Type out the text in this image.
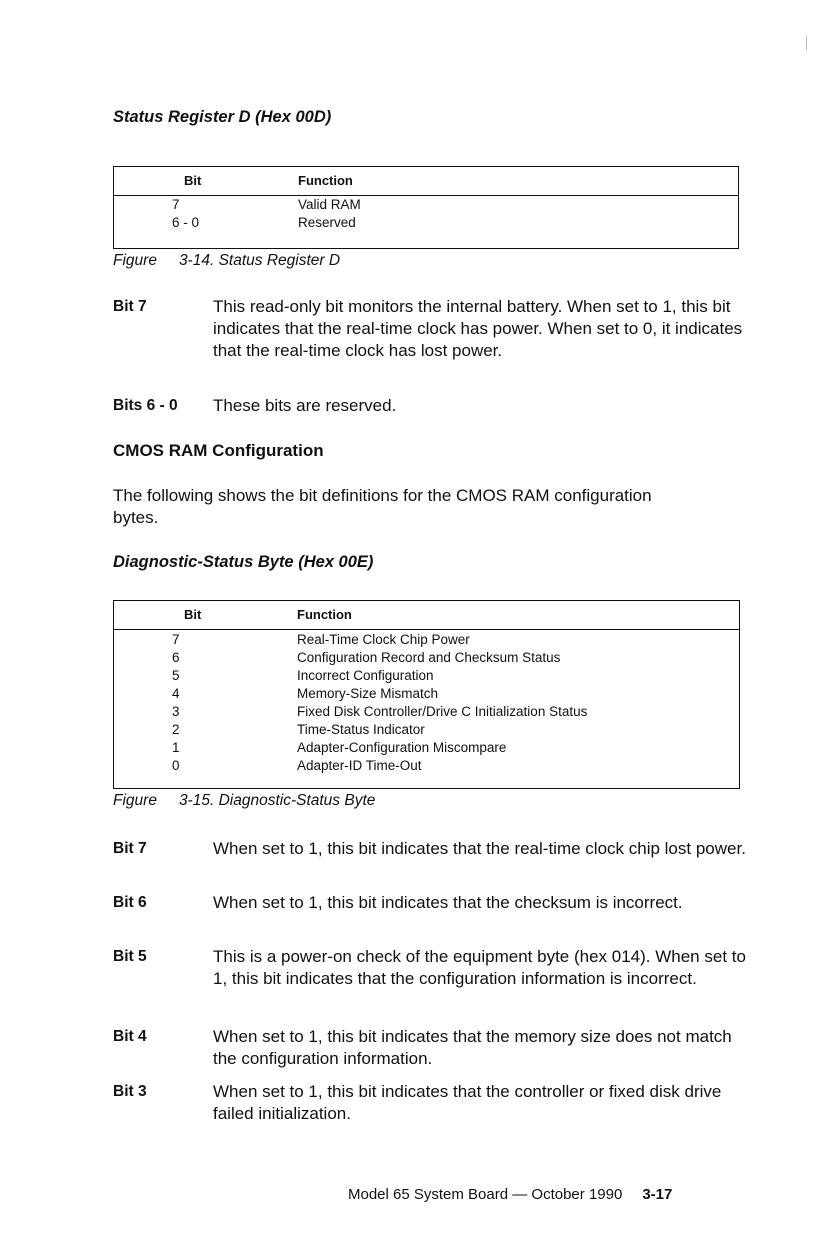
Status Register D (Hex 00D)
Bit	Function
7	Valid RAM
6 - 0	Reserved
Figure 3-14. Status Register D
Bit 7	This read-only bit monitors the internal battery. When set to 1, this bit indicates that the real-time clock has power. When set to 0, it indicates that the real-time clock has lost power.
Bits 6 - 0 These bits are reserved.
CMOS RAM Configuration
The following shows the bit definitions for the CMOS RAM configuration bytes.
Diagnostic-Status Byte (Hex 00E)
Bit	Function
7	Real-Time Clock Chip Power
6	Configuration Record and Checksum Status
5	Incorrect Configuration
4	Memory-Size Mismatch
3	Fixed Disk Controller/Drive C Initialization Status
2	Time-Status Indicator
1	Adapter-Configuration Miscompare
0	Adapter-ID Time-Out
Figure 3-15. Diagnostic-Status Byte
Bit 7	When set to 1, this bit indicates that the real-time clock chip lost power.
Bit 6	When set to 1, this bit indicates that the checksum is incorrect.
Bit 5	This is a power-on check of the equipment byte (hex 014). When set to 1, this bit indicates that the configuration information is incorrect.
Bit 4	When set to 1, this bit indicates that the memory size does not match the configuration information.
Bit 3	When set to 1, this bit indicates that the controller or fixed disk drive failed initialization.
Model 65 System Board — October 1990 3-17
